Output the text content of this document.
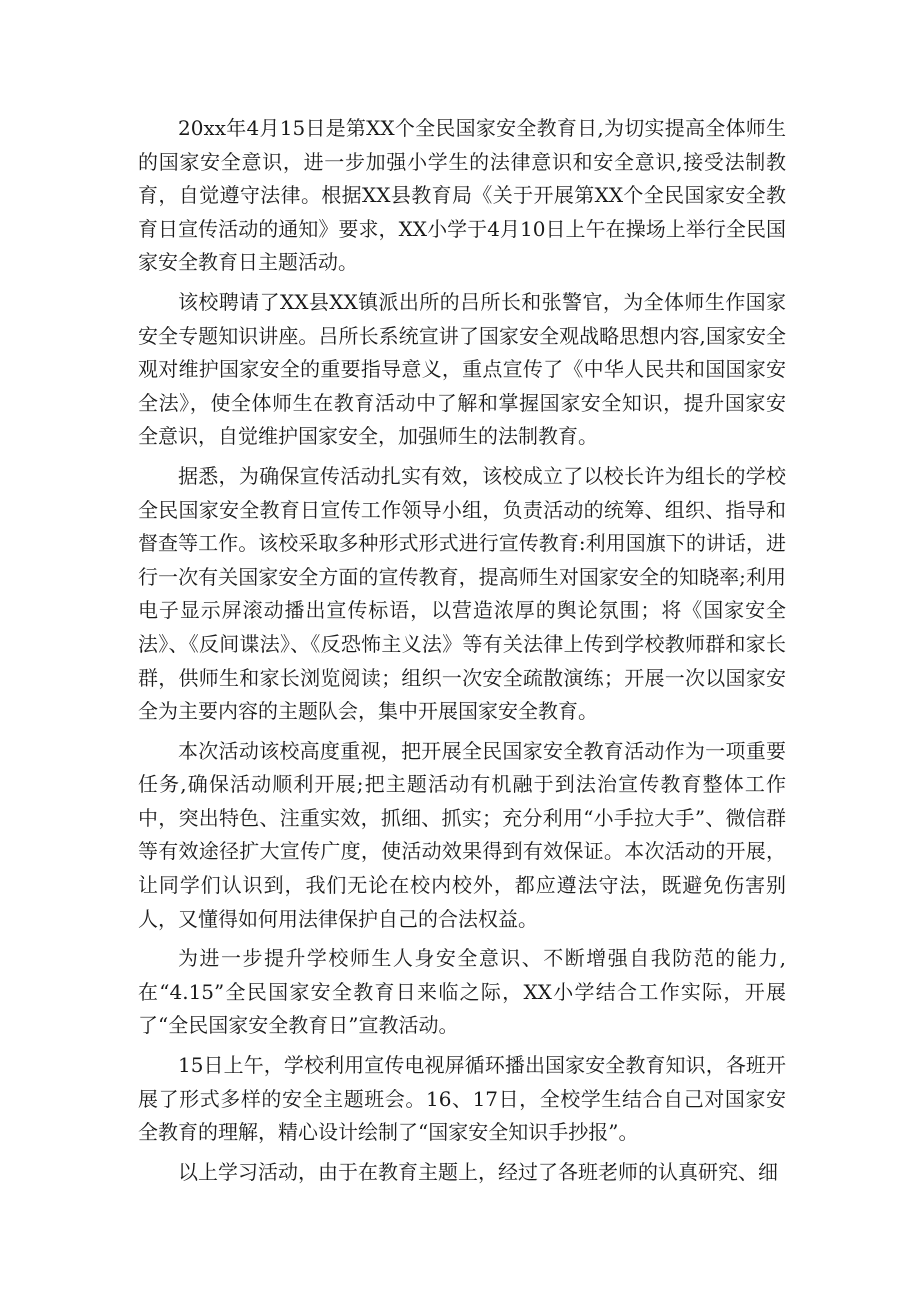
20xx年4月15日是第XX个全民国家安全教育日,为切实提高全体师生的国家安全意识，进一步加强小学生的法律意识和安全意识,接受法制教育，自觉遵守法律。根据XX县教育局《关于开展第XX个全民国家安全教育日宣传活动的通知》要求，XX小学于4月10日上午在操场上举行全民国家安全教育日主题活动。

该校聘请了XX县XX镇派出所的吕所长和张警官，为全体师生作国家安全专题知识讲座。吕所长系统宣讲了国家安全观战略思想内容,国家安全观对维护国家安全的重要指导意义，重点宣传了《中华人民共和国国家安全法》，使全体师生在教育活动中了解和掌握国家安全知识，提升国家安全意识，自觉维护国家安全，加强师生的法制教育。

据悉，为确保宣传活动扎实有效，该校成立了以校长许为组长的学校全民国家安全教育日宣传工作领导小组，负责活动的统筹、组织、指导和督查等工作。该校采取多种形式形式进行宣传教育:利用国旗下的讲话，进行一次有关国家安全方面的宣传教育，提高师生对国家安全的知晓率;利用电子显示屏滚动播出宣传标语，以营造浓厚的舆论氛围；将《国家安全法》、《反间谍法》、《反恐怖主义法》等有关法律上传到学校教师群和家长群，供师生和家长浏览阅读；组织一次安全疏散演练；开展一次以国家安全为主要内容的主题队会，集中开展国家安全教育。

本次活动该校高度重视，把开展全民国家安全教育活动作为一项重要任务,确保活动顺利开展;把主题活动有机融于到法治宣传教育整体工作中，突出特色、注重实效，抓细、抓实；充分利用“小手拉大手”、微信群等有效途径扩大宣传广度，使活动效果得到有效保证。本次活动的开展，让同学们认识到，我们无论在校内校外，都应遵法守法，既避免伤害别人，又懂得如何用法律保护自己的合法权益。

为进一步提升学校师生人身安全意识、不断增强自我防范的能力,在“4.15”全民国家安全教育日来临之际，XX小学结合工作实际，开展了“全民国家安全教育日”宣教活动。

15日上午，学校利用宣传电视屏循环播出国家安全教育知识，各班开展了形式多样的安全主题班会。16、17日，全校学生结合自己对国家安全教育的理解，精心设计绘制了“国家安全知识手抄报”。

以上学习活动，由于在教育主题上，经过了各班老师的认真研究、细
